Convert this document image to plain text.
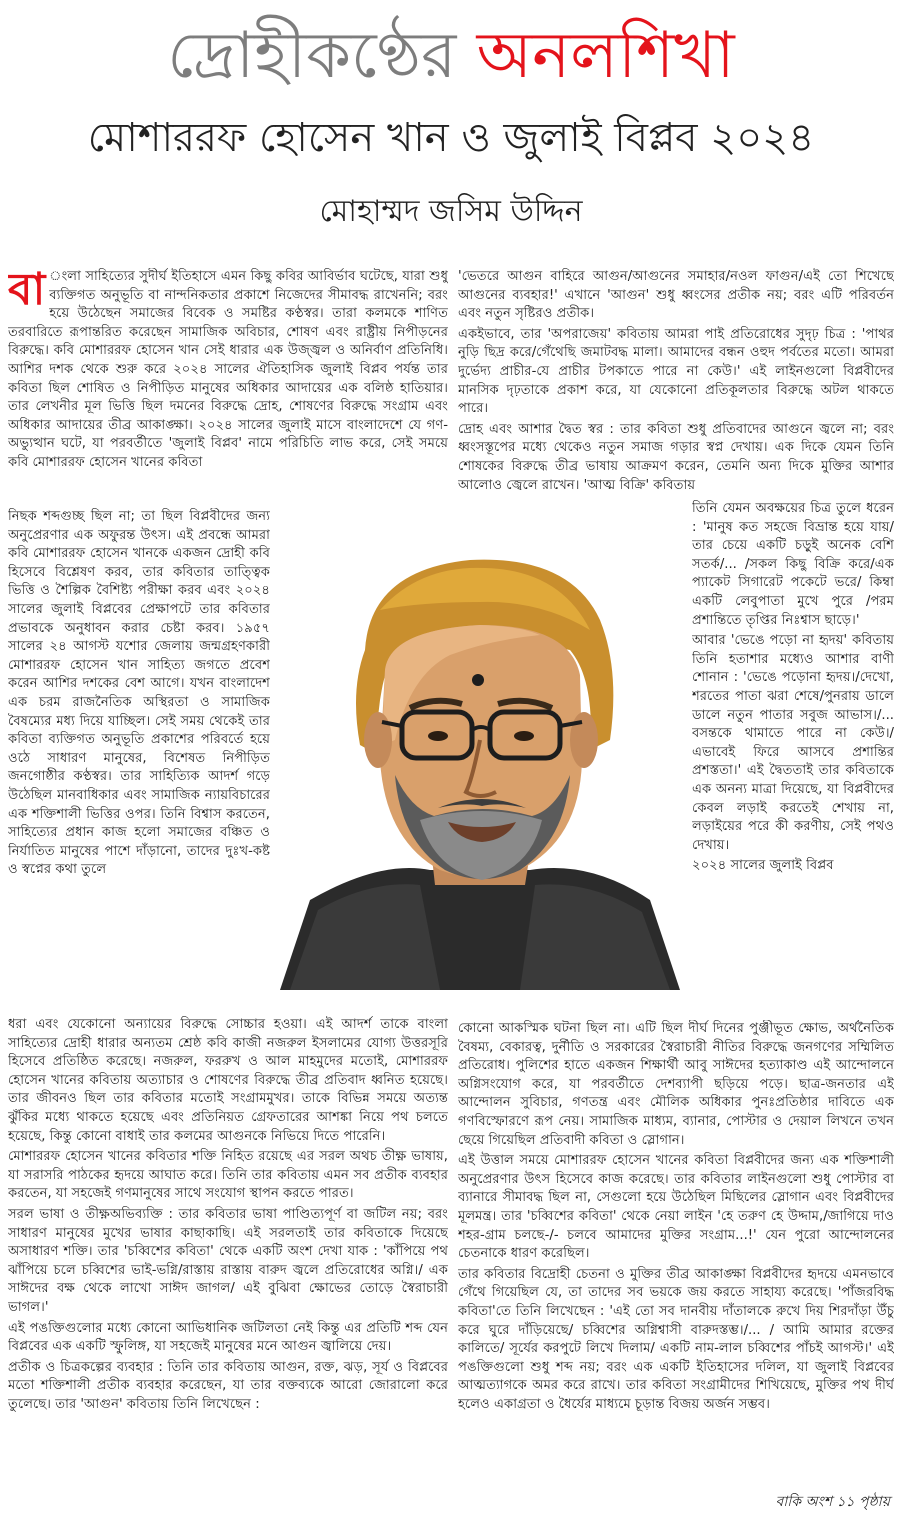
দ্রোহীকণ্ঠের অনলশিখা
মোশাররফ হোসেন খান ও জুলাই বিপ্লব ২০২৪
মোহাম্মদ জসিম উদ্দিন

বা ংলা সাহিত্যের সুদীর্ঘ ইতিহাসে এমন কিছু কবির আবির্ভাব ঘটেছে, যারা শুধু ব্যক্তিগত অনুভূতি বা নান্দনিকতার প্রকাশে নিজেদের সীমাবদ্ধ রাখেননি; বরং হয়ে উঠেছেন সমাজের বিবেক ও সমষ্টির কণ্ঠস্বর। তারা কলমকে শাণিত তরবারিতে রূপান্তরিত করেছেন সামাজিক অবিচার, শোষণ এবং রাষ্ট্রীয় নিপীড়নের বিরুদ্ধে। কবি মোশাররফ হোসেন খান সেই ধারার এক উজ্জ্বল ও অনির্বাণ প্রতিনিধি। আশির দশক থেকে শুরু করে ২০২৪ সালের ঐতিহাসিক জুলাই বিপ্লব পর্যন্ত তার কবিতা ছিল শোষিত ও নিপীড়িত মানুষের অধিকার আদায়ের এক বলিষ্ঠ হাতিয়ার। তার লেখনীর মূল ভিত্তি ছিল দমনের বিরুদ্ধে দ্রোহ, শোষণের বিরুদ্ধে সংগ্রাম এবং অধিকার আদায়ের তীব্র আকাঙ্ক্ষা। ২০২৪ সালের জুলাই মাসে বাংলাদেশে যে গণ-অভ্যুত্থান ঘটে, যা পরবর্তীতে 'জুলাই বিপ্লব' নামে পরিচিতি লাভ করে, সেই সময়ে কবি মোশাররফ হোসেন খানের কবিতা

নিছক শব্দগুচ্ছ ছিল না; তা ছিল বিপ্লবীদের জন্য অনুপ্রেরণার এক অফুরন্ত উৎস। এই প্রবন্ধে আমরা কবি মোশাররফ হোসেন খানকে একজন দ্রোহী কবি হিসেবে বিশ্লেষণ করব, তার কবিতার তাত্ত্বিক ভিত্তি ও শৈল্পিক বৈশিষ্ট্য পরীক্ষা করব এবং ২০২৪ সালের জুলাই বিপ্লবের প্রেক্ষাপটে তার কবিতার প্রভাবকে অনুধাবন করার চেষ্টা করব। ১৯৫৭ সালের ২৪ আগস্ট যশোর জেলায় জন্মগ্রহণকারী মোশাররফ হোসেন খান সাহিত্য জগতে প্রবেশ করেন আশির দশকের বেশ আগে। যখন বাংলাদেশ এক চরম রাজনৈতিক অস্থিরতা ও সামাজিক বৈষম্যের মধ্য দিয়ে যাচ্ছিল। সেই সময় থেকেই তার কবিতা ব্যক্তিগত অনুভূতি প্রকাশের পরিবর্তে হয়ে ওঠে সাধারণ মানুষের, বিশেষত নিপীড়িত জনগোষ্ঠীর কণ্ঠস্বর। তার সাহিত্যিক আদর্শ গড়ে উঠেছিল মানবাধিকার এবং সামাজিক ন্যায়বিচারের এক শক্তিশালী ভিত্তির ওপর। তিনি বিশ্বাস করতেন, সাহিত্যের প্রধান কাজ হলো সমাজের বঞ্চিত ও নির্যাতিত মানুষের পাশে দাঁড়ানো, তাদের দুঃখ-কষ্ট ও স্বপ্নের কথা তুলে

ধরা এবং যেকোনো অন্যায়ের বিরুদ্ধে সোচ্চার হওয়া। এই আদর্শ তাকে বাংলা সাহিত্যের দ্রোহী ধারার অন্যতম শ্রেষ্ঠ কবি কাজী নজরুল ইসলামের যোগ্য উত্তরসূরি হিসেবে প্রতিষ্ঠিত করেছে। নজরুল, ফররুখ ও আল মাহমুদের মতোই, মোশাররফ হোসেন খানের কবিতায় অত্যাচার ও শোষণের বিরুদ্ধে তীব্র প্রতিবাদ ধ্বনিত হয়েছে। তার জীবনও ছিল তার কবিতার মতোই সংগ্রামমুখর। তাকে বিভিন্ন সময়ে অত্যন্ত ঝুঁকির মধ্যে থাকতে হয়েছে এবং প্রতিনিয়ত গ্রেফতারের আশঙ্কা নিয়ে পথ চলতে হয়েছে, কিন্তু কোনো বাধাই তার কলমের আগুনকে নিভিয়ে দিতে পারেনি।

মোশাররফ হোসেন খানের কবিতার শক্তি নিহিত রয়েছে এর সরল অথচ তীক্ষ্ণ ভাষায়, যা সরাসরি পাঠকের হৃদয়ে আঘাত করে। তিনি তার কবিতায় এমন সব প্রতীক ব্যবহার করতেন, যা সহজেই গণমানুষের সাথে সংযোগ স্থাপন করতে পারত।

সরল ভাষা ও তীক্ষ্ণঅভিব্যক্তি : তার কবিতার ভাষা পাণ্ডিত্যপূর্ণ বা জটিল নয়; বরং সাধারণ মানুষের মুখের ভাষার কাছাকাছি। এই সরলতাই তার কবিতাকে দিয়েছে অসাধারণ শক্তি। তার 'চব্বিশের কবিতা' থেকে একটি অংশ দেখা যাক : 'কাঁপিয়ে পথ ঝাঁপিয়ে চলে চব্বিশের ভাই-ভগ্নি/রাস্তায় রাস্তায় বারুদ জ্বলে প্রতিরোধের অগ্নি।/ এক সাঈদের বক্ষ থেকে লাখো সাঈদ জাগল/ এই বুঝিবা ক্ষোভের তোড়ে স্বৈরাচারী ভাগল।'

এই পঙক্তিগুলোর মধ্যে কোনো আভিধানিক জটিলতা নেই কিন্তু এর প্রতিটি শব্দ যেন বিপ্লবের এক একটি স্ফুলিঙ্গ, যা সহজেই মানুষের মনে আগুন জ্বালিয়ে দেয়।

প্রতীক ও চিত্রকল্পের ব্যবহার : তিনি তার কবিতায় আগুন, রক্ত, ঝড়, সূর্য ও বিপ্লবের মতো শক্তিশালী প্রতীক ব্যবহার করেছেন, যা তার বক্তব্যকে আরো জোরালো করে তুলেছে। তার 'আগুন' কবিতায় তিনি লিখেছেন :

'ভেতরে আগুন বাহিরে আগুন/আগুনের সমাহার/নওল ফাগুন/এই তো শিখেছে আগুনের ব্যবহার!' এখানে 'আগুন' শুধু ধ্বংসের প্রতীক নয়; বরং এটি পরিবর্তন এবং নতুন সৃষ্টিরও প্রতীক।

একইভাবে, তার 'অপরাজেয়' কবিতায় আমরা পাই প্রতিরোধের সুদৃঢ় চিত্র : 'পাথর নুড়ি ছিদ্র করে/গেঁথেছি জমাটবদ্ধ মালা। আমাদের বন্ধন ওহুদ পর্বতের মতো। আমরা দুর্ভেদ্য প্রাচীর-যে প্রাচীর টপকাতে পারে না কেউ।' এই লাইনগুলো বিপ্লবীদের মানসিক দৃঢ়তাকে প্রকাশ করে, যা যেকোনো প্রতিকূলতার বিরুদ্ধে অটল থাকতে পারে।

দ্রোহ এবং আশার দ্বৈত স্বর : তার কবিতা শুধু প্রতিবাদের আগুনে জ্বলে না; বরং ধ্বংসস্তূপের মধ্যে থেকেও নতুন সমাজ গড়ার স্বপ্ন দেখায়। এক দিকে যেমন তিনি শোষকের বিরুদ্ধে তীব্র ভাষায় আক্রমণ করেন, তেমনি অন্য দিকে মুক্তির আশার আলোও জ্বেলে রাখেন। 'আত্ম বিক্রি' কবিতায়

তিনি যেমন অবক্ষয়ের চিত্র তুলে ধরেন : 'মানুষ কত সহজে বিভ্রান্ত হয়ে যায়/তার চেয়ে একটি চড়ুই অনেক বেশি সতর্ক/... /সকল কিছু বিক্রি করে/এক প্যাকেট সিগারেট পকেটে ভরে/ কিম্বা একটি লেবুপাতা মুখে পুরে /পরম প্রশান্তিতে তৃপ্তির নিঃশ্বাস ছাড়ে।'

আবার 'ভেঙে পড়ো না হৃদয়' কবিতায় তিনি হতাশার মধ্যেও আশার বাণী শোনান : 'ভেঙে পড়োনা হৃদয়।/দেখো, শরতের পাতা ঝরা শেষে/পুনরায় ডালে ডালে নতুন পাতার সবুজ আভাস।/... বসন্তকে থামাতে পারে না কেউ।/এভাবেই ফিরে আসবে প্রশান্তির প্রশস্ততা।' এই দ্বৈততাই তার কবিতাকে এক অনন্য মাত্রা দিয়েছে, যা বিপ্লবীদের কেবল লড়াই করতেই শেখায় না, লড়াইয়ের পরে কী করণীয়, সেই পথও দেখায়।

২০২৪ সালের জুলাই বিপ্লব

কোনো আকস্মিক ঘটনা ছিল না। এটি ছিল দীর্ঘ দিনের পুঞ্জীভূত ক্ষোভ, অর্থনৈতিক বৈষম্য, বেকারত্ব, দুর্নীতি ও সরকারের স্বৈরাচারী নীতির বিরুদ্ধে জনগণের সম্মিলিত প্রতিরোধ। পুলিশের হাতে একজন শিক্ষার্থী আবু সাঈদের হত্যাকাণ্ড এই আন্দোলনে অগ্নিসংযোগ করে, যা পরবর্তীতে দেশব্যাপী ছড়িয়ে পড়ে। ছাত্র-জনতার এই আন্দোলন সুবিচার, গণতন্ত্র এবং মৌলিক অধিকার পুনঃপ্রতিষ্ঠার দাবিতে এক গণবিস্ফোরণে রূপ নেয়। সামাজিক মাধ্যম, ব্যানার, পোস্টার ও দেয়াল লিখনে তখন ছেয়ে গিয়েছিল প্রতিবাদী কবিতা ও স্লোগান।

এই উত্তাল সময়ে মোশাররফ হোসেন খানের কবিতা বিপ্লবীদের জন্য এক শক্তিশালী অনুপ্রেরণার উৎস হিসেবে কাজ করেছে। তার কবিতার লাইনগুলো শুধু পোস্টার বা ব্যানারে সীমাবদ্ধ ছিল না, সেগুলো হয়ে উঠেছিল মিছিলের স্লোগান এবং বিপ্লবীদের মূলমন্ত্র। তার 'চব্বিশের কবিতা' থেকে নেয়া লাইন 'হে তরুণ হে উদ্দাম,/জাগিয়ে দাও শহর-গ্রাম চলছে-/- চলবে আমাদের মুক্তির সংগ্রাম...!' যেন পুরো আন্দোলনের চেতনাকে ধারণ করেছিল।

তার কবিতার বিদ্রোহী চেতনা ও মুক্তির তীব্র আকাঙ্ক্ষা বিপ্লবীদের হৃদয়ে এমনভাবে গেঁথে গিয়েছিল যে, তা তাদের সব ভয়কে জয় করতে সাহায্য করেছে। 'পাঁজরবিদ্ধ কবিতা'তে তিনি লিখেছেন : 'এই তো সব দানবীয় দাঁতালকে রুখে দিয় শিরদাঁড়া উঁচু করে ঘুরে দাঁড়িয়েছে/ চব্বিশের অগ্নিশ্বাসী বারুদস্তম্ভ।/... / আমি আমার রক্তের কালিতে/ সূর্যের করপুটে লিখে দিলাম/ একটি নাম-লাল চব্বিশের পাঁচই আগস্ট।' এই পঙক্তিগুলো শুধু শব্দ নয়; বরং এক একটি ইতিহাসের দলিল, যা জুলাই বিপ্লবের আত্মত্যাগকে অমর করে রাখে। তার কবিতা সংগ্রামীদের শিখিয়েছে, মুক্তির পথ দীর্ঘ হলেও একাগ্রতা ও ধৈর্যের মাধ্যমে চূড়ান্ত বিজয় অর্জন সম্ভব।

বাকি অংশ ১১ পৃষ্ঠায়
